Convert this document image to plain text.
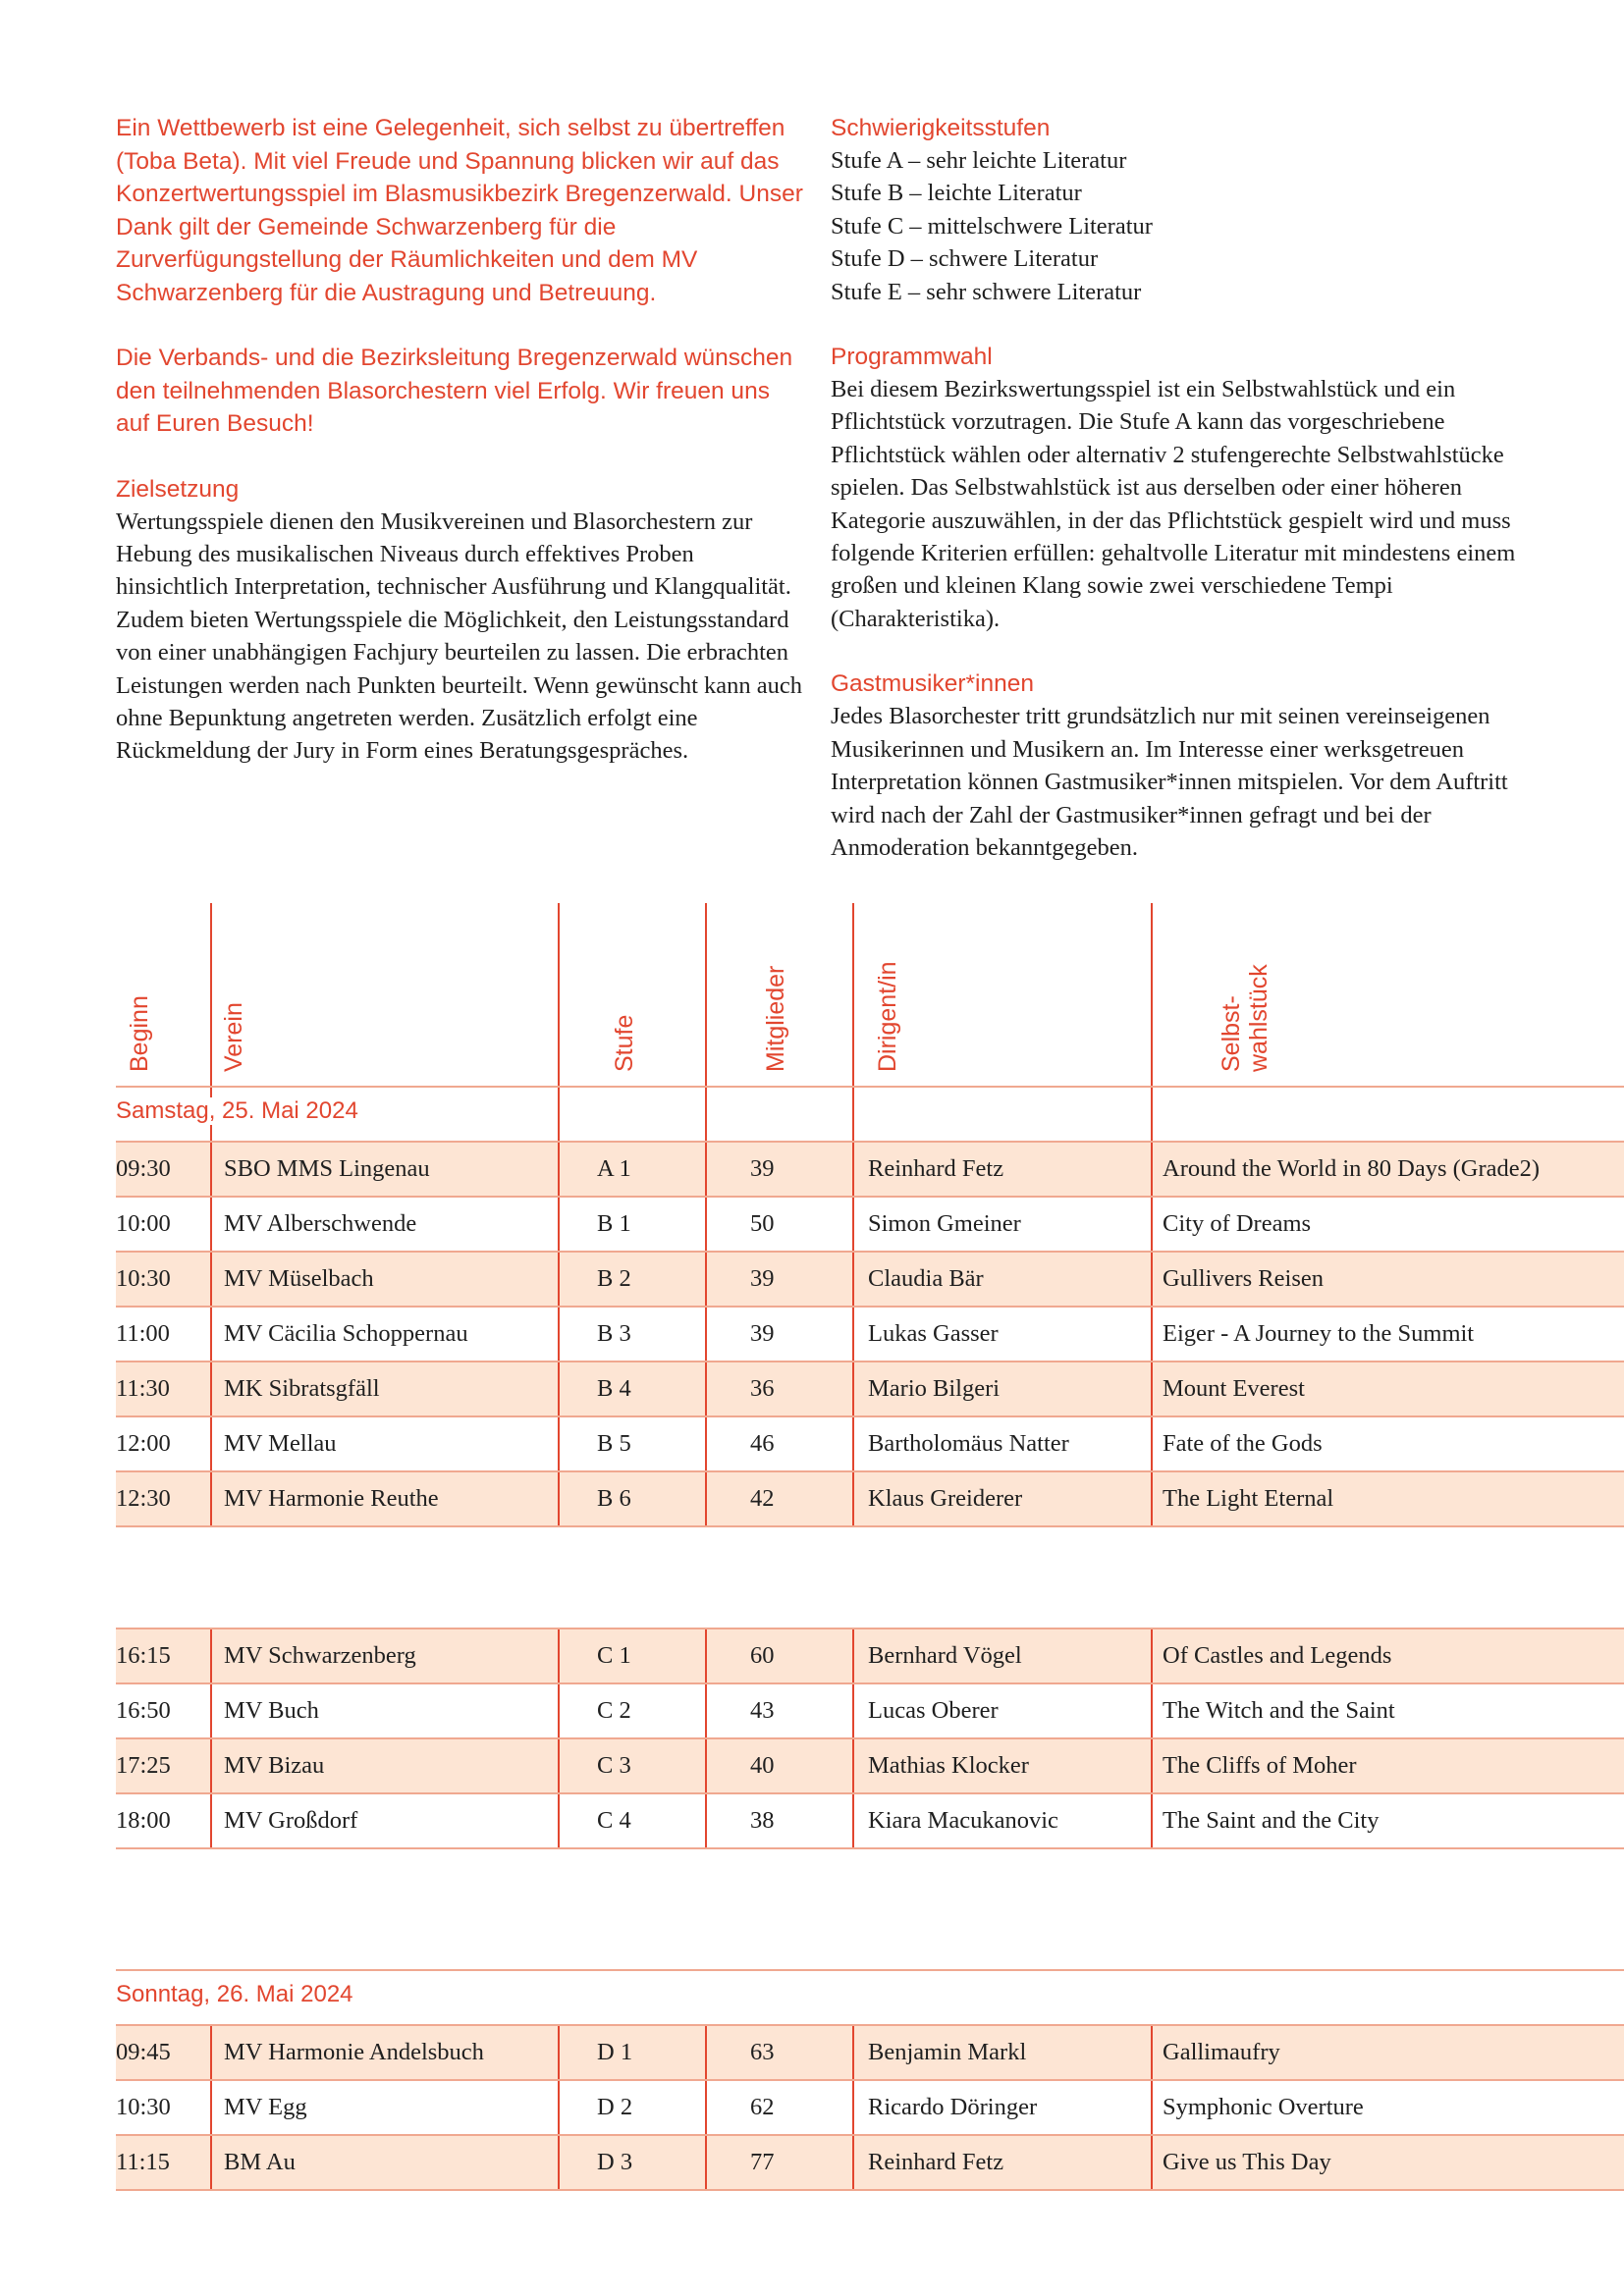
Ein Wettbewerb ist eine Gelegenheit, sich selbst zu übertreffen (Toba Beta). Mit viel Freude und Spannung blicken wir auf das Konzertwertungsspiel im Blasmusikbezirk Bregenzerwald. Unser Dank gilt der Gemeinde Schwarzenberg für die Zurverfügungstellung der Räumlichkeiten und dem MV Schwarzenberg für die Austragung und Betreuung.

Die Verbands- und die Bezirksleitung Bregenzerwald wünschen den teilnehmenden Blasorchestern viel Erfolg. Wir freuen uns auf Euren Besuch!

Zielsetzung

Wertungsspiele dienen den Musikvereinen und Blasorchestern zur Hebung des musikalischen Niveaus durch effektives Proben hinsichtlich Interpretation, technischer Ausführung und Klangqualität. Zudem bieten Wertungsspiele die Möglichkeit, den Leistungsstandard von einer unabhängigen Fachjury beurteilen zu lassen. Die erbrachten Leistungen werden nach Punkten beurteilt. Wenn gewünscht kann auch ohne Bepunktung angetreten werden. Zusätzlich erfolgt eine Rückmeldung der Jury in Form eines Beratungsgespräches.

Schwierigkeitsstufen
Stufe A – sehr leichte Literatur
Stufe B – leichte Literatur
Stufe C – mittelschwere Literatur
Stufe D – schwere Literatur
Stufe E – sehr schwere Literatur
Programmwahl

Bei diesem Bezirkswertungsspiel ist ein Selbstwahlstück und ein Pflichtstück vorzutragen. Die Stufe A kann das vorgeschriebene Pflichtstück wählen oder alternativ 2 stufengerechte Selbstwahlstücke spielen. Das Selbstwahlstück ist aus derselben oder einer höheren Kategorie auszuwählen, in der das Pflichtstück gespielt wird und muss folgende Kriterien erfüllen: gehaltvolle Literatur mit mindestens einem großen und kleinen Klang sowie zwei verschiedene Tempi (Charakteristika).

Gastmusiker*innen

Jedes Blasorchester tritt grundsätzlich nur mit seinen vereinseigenen Musikerinnen und Musikern an. Im Interesse einer werksgetreuen Interpretation können Gastmusiker*innen mitspielen. Vor dem Auftritt wird nach der Zahl der Gastmusiker*innen gefragt und bei der Anmoderation bekanntgegeben.

Beginn	Verein	Stufe	Mitglieder	Dirigent/in	Selbst- wahlstück
Samstag, 25. Mai 2024
09:30	SBO MMS Lingenau	A 1	39	Reinhard Fetz	Around the World in 80 Days (Grade2)
10:00	MV Alberschwende	B 1	50	Simon Gmeiner	City of Dreams
10:30	MV Müselbach	B 2	39	Claudia Bär	Gullivers Reisen
11:00	MV Cäcilia Schoppernau	B 3	39	Lukas Gasser	Eiger - A Journey to the Summit
11:30	MK Sibratsgfäll	B 4	36	Mario Bilgeri	Mount Everest
12:00	MV Mellau	B 5	46	Bartholomäus Natter	Fate of the Gods
12:30	MV Harmonie Reuthe	B 6	42	Klaus Greiderer	The Light Eternal
16:15	MV Schwarzenberg	C 1	60	Bernhard Vögel	Of Castles and Legends
16:50	MV Buch	C 2	43	Lucas Oberer	The Witch and the Saint
17:25	MV Bizau	C 3	40	Mathias Klocker	The Cliffs of Moher
18:00	MV Großdorf	C 4	38	Kiara Macukanovic	The Saint and the City
Sonntag, 26. Mai 2024
09:45	MV Harmonie Andelsbuch	D 1	63	Benjamin Markl	Gallimaufry
10:30	MV Egg	D 2	62	Ricardo Döringer	Symphonic Overture
11:15	BM Au	D 3	77	Reinhard Fetz	Give us This Day
